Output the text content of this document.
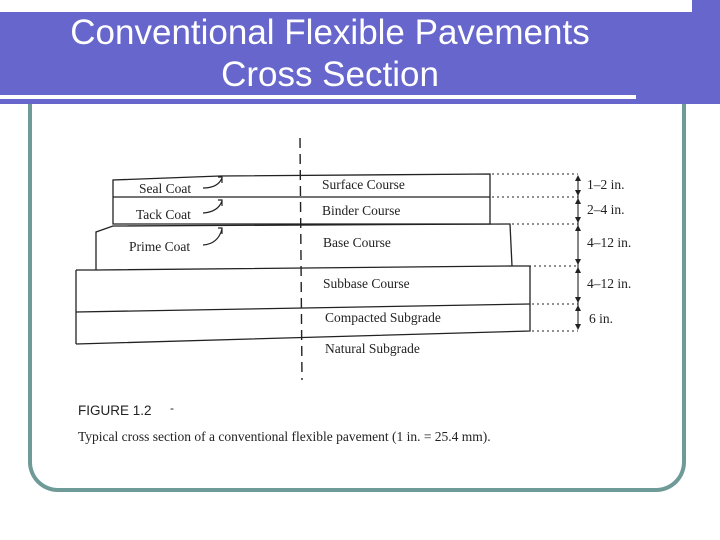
Conventional Flexible Pavements
Cross Section
Seal Coat
Tack Coat
Prime Coat
Surface Course
Binder Course
Base Course
Subbase Course
Compacted Subgrade
Natural Subgrade
1–2 in.
2–4 in.
4–12 in.
4–12 in.
6 in.
FIGURE 1.2 -
Typical cross section of a conventional flexible pavement (1 in. = 25.4 mm).
